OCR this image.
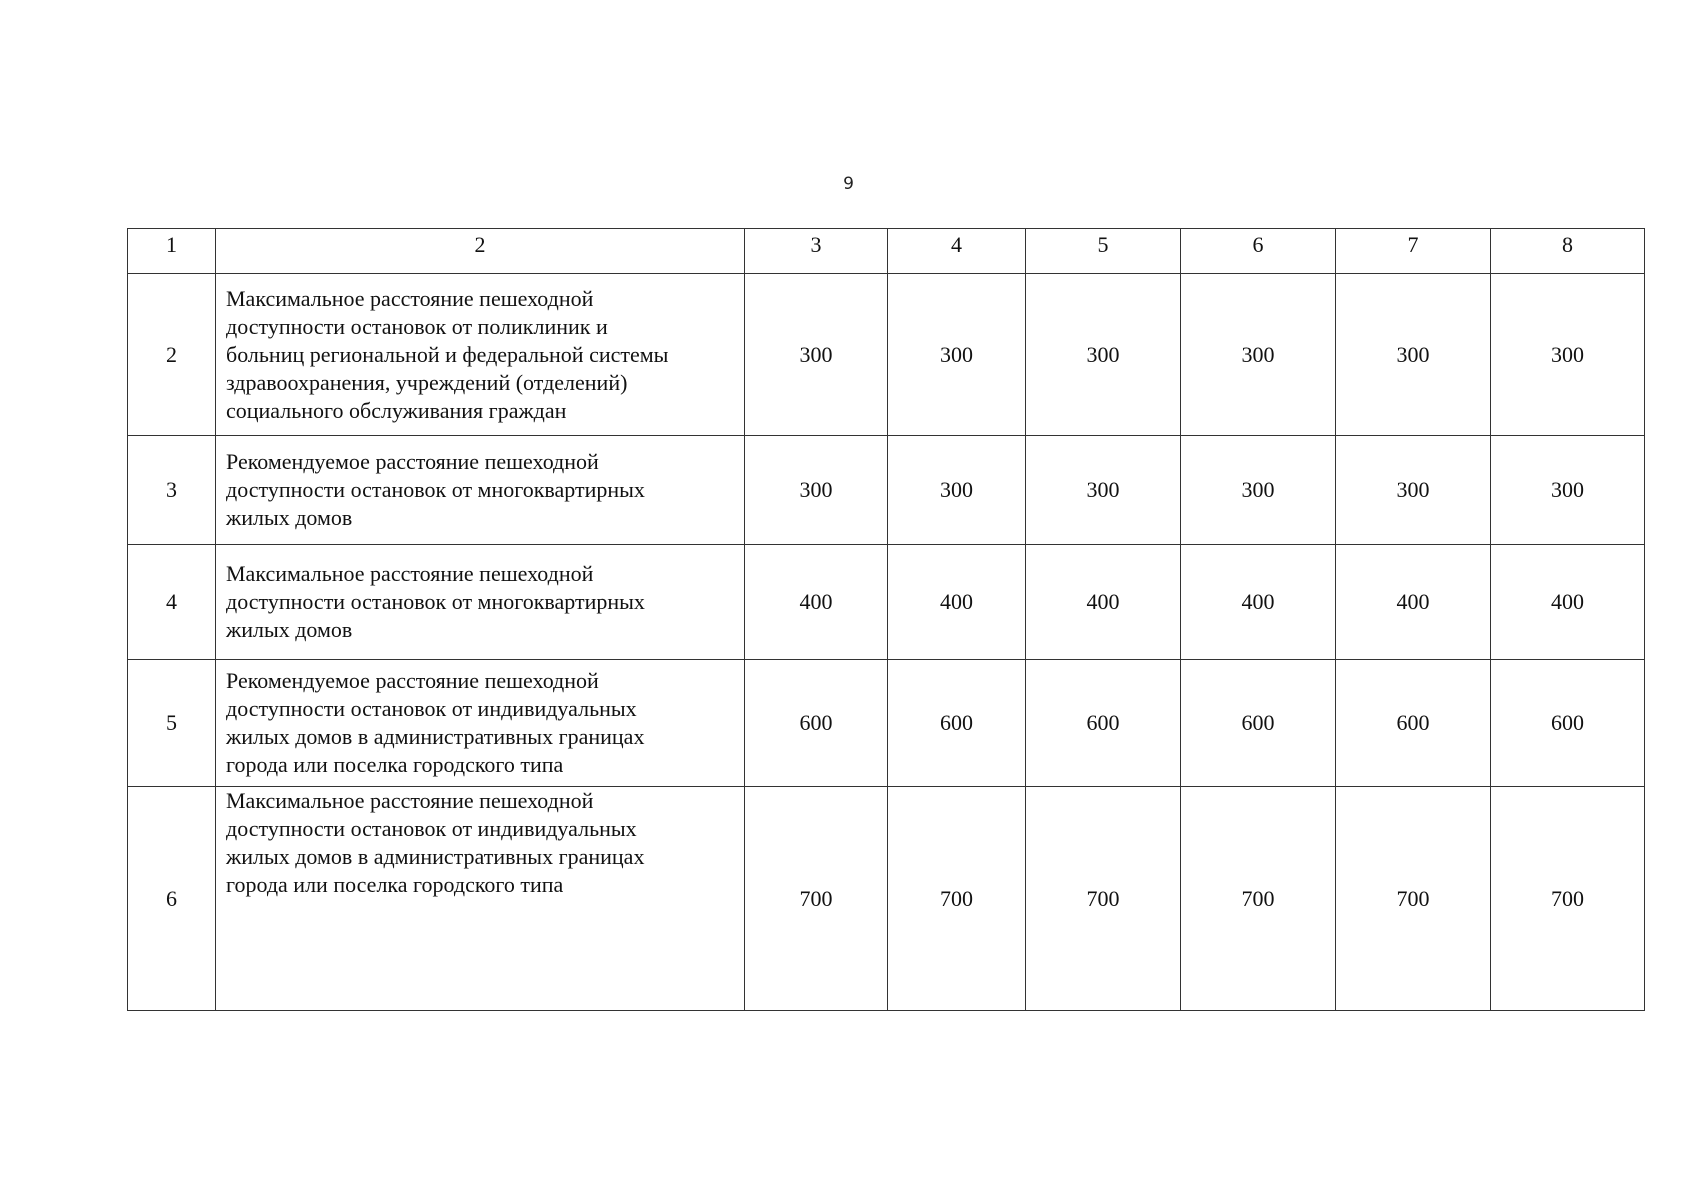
9
1	2	3	4	5	6	7	8
2	Максимальное расстояние пешеходной
доступности остановок от поликлиник и
больниц региональной и федеральной системы
здравоохранения, учреждений (отделений)
социального обслуживания граждан	300	300	300	300	300	300
3	Рекомендуемое расстояние пешеходной
доступности остановок от многоквартирных
жилых домов	300	300	300	300	300	300
4	Максимальное расстояние пешеходной
доступности остановок от многоквартирных
жилых домов	400	400	400	400	400	400
5	Рекомендуемое расстояние пешеходной
доступности остановок от индивидуальных
жилых домов в административных границах
города или поселка городского типа	600	600	600	600	600	600
6	Максимальное расстояние пешеходной
доступности остановок от индивидуальных
жилых домов в административных границах
города или поселка городского типа	700	700	700	700	700	700
